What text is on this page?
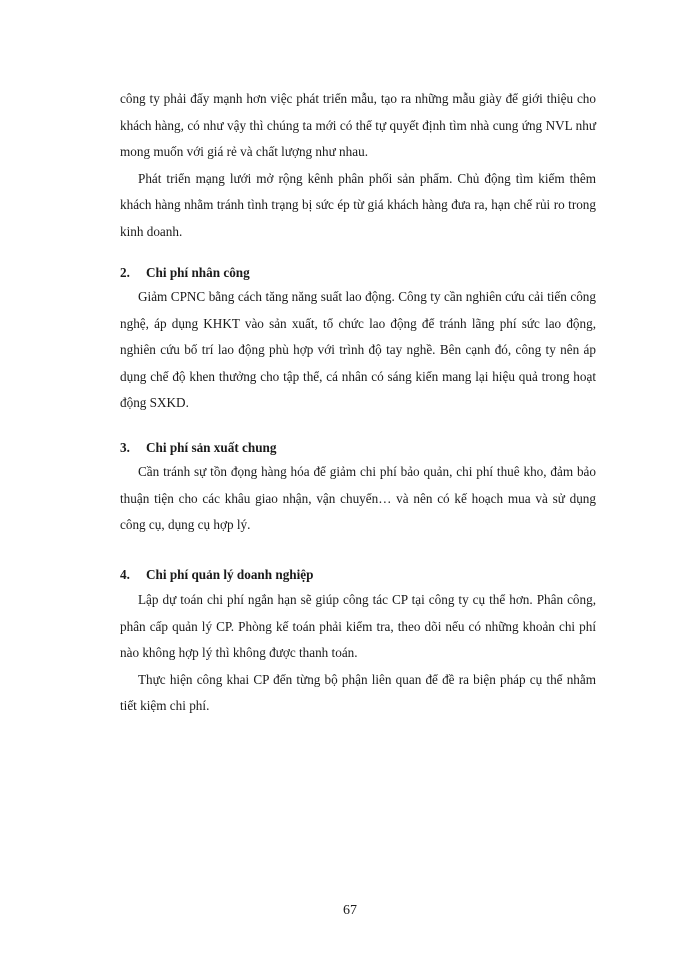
công ty phải đẩy mạnh hơn việc phát triển mẫu, tạo ra những mẫu giày để giới thiệu cho khách hàng, có như vậy thì chúng ta mới có thể tự quyết định tìm nhà cung ứng NVL như mong muốn với giá rẻ và chất lượng như nhau.

Phát triển mạng lưới mở rộng kênh phân phối sản phẩm. Chủ động tìm kiếm thêm khách hàng nhằm tránh tình trạng bị sức ép từ giá khách hàng đưa ra, hạn chế rủi ro trong kinh doanh.

2. Chi phí nhân công

Giảm CPNC bằng cách tăng năng suất lao động. Công ty cần nghiên cứu cải tiến công nghệ, áp dụng KHKT vào sản xuất, tổ chức lao động để tránh lãng phí sức lao động, nghiên cứu bố trí lao động phù hợp với trình độ tay nghề. Bên cạnh đó, công ty nên áp dụng chế độ khen thưởng cho tập thể, cá nhân có sáng kiến mang lại hiệu quả trong hoạt động SXKD.

3. Chi phí sản xuất chung

Cần tránh sự tồn đọng hàng hóa để giảm chi phí bảo quản, chi phí thuê kho, đảm bảo thuận tiện cho các khâu giao nhận, vận chuyển… và nên có kế hoạch mua và sử dụng công cụ, dụng cụ hợp lý.

4. Chi phí quản lý doanh nghiệp

Lập dự toán chi phí ngắn hạn sẽ giúp công tác CP tại công ty cụ thể hơn. Phân công, phân cấp quản lý CP. Phòng kế toán phải kiểm tra, theo dõi nếu có những khoản chi phí nào không hợp lý thì không được thanh toán.

Thực hiện công khai CP đến từng bộ phận liên quan để đề ra biện pháp cụ thể nhằm tiết kiệm chi phí.

67
